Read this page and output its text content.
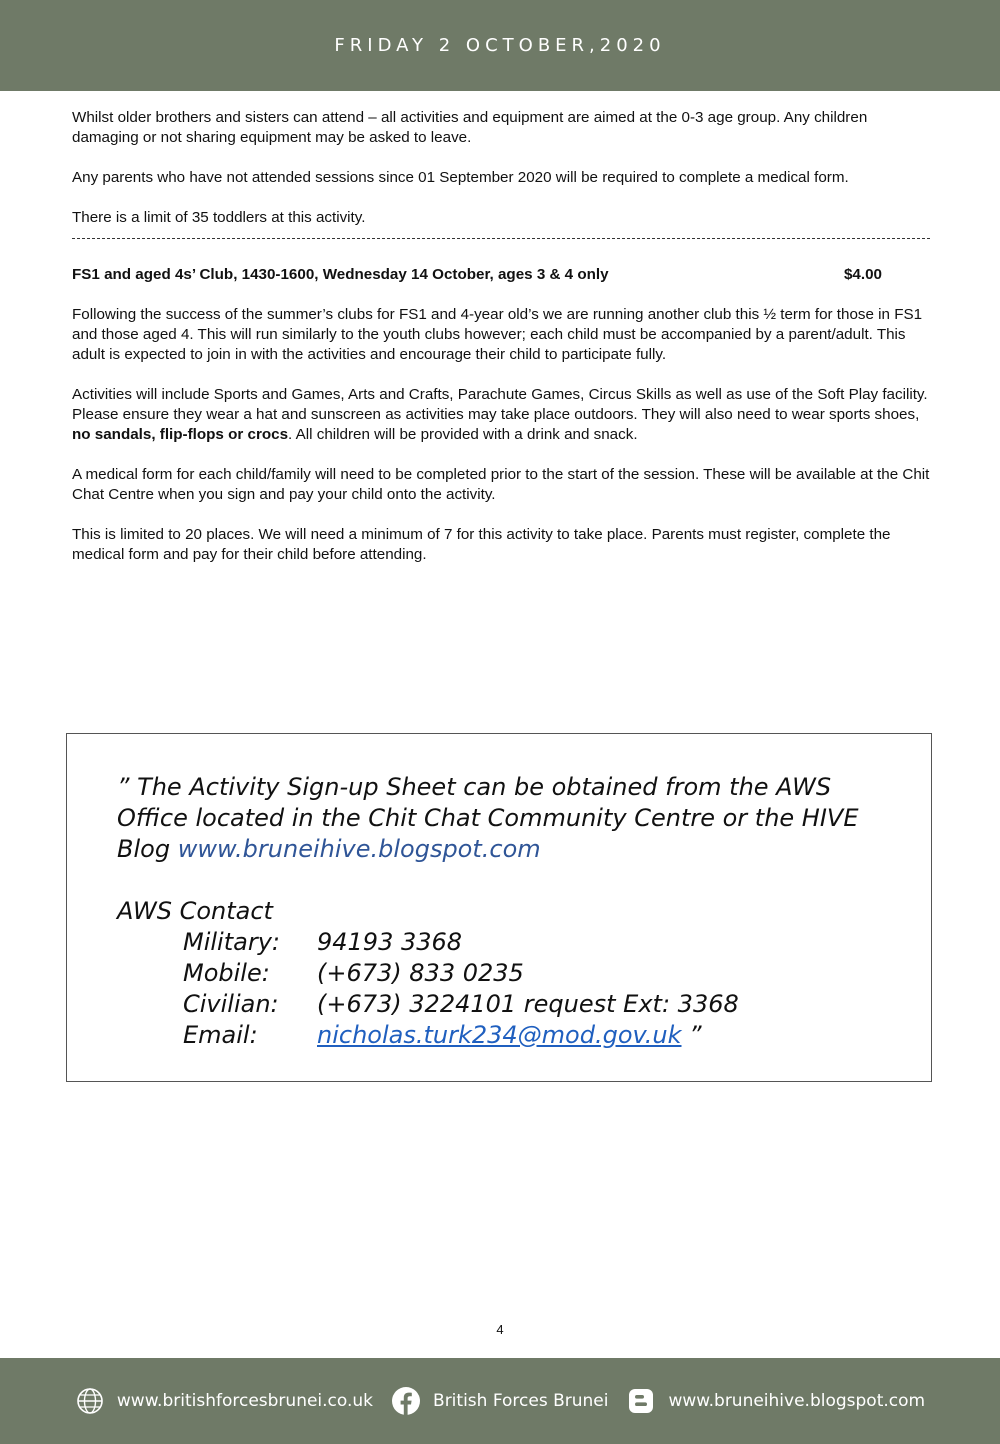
FRIDAY 2 OCTOBER,2020

Whilst older brothers and sisters can attend – all activities and equipment are aimed at the 0-3 age group. Any children damaging or not sharing equipment may be asked to leave.

Any parents who have not attended sessions since 01 September 2020 will be required to complete a medical form.

There is a limit of 35 toddlers at this activity.

FS1 and aged 4s’ Club, 1430-1600, Wednesday 14 October, ages 3 & 4 only	$4.00

Following the success of the summer’s clubs for FS1 and 4-year old’s we are running another club this ½ term for those in FS1 and those aged 4. This will run similarly to the youth clubs however; each child must be accompanied by a parent/adult. This adult is expected to join in with the activities and encourage their child to participate fully.

Activities will include Sports and Games, Arts and Crafts, Parachute Games, Circus Skills as well as use of the Soft Play facility. Please ensure they wear a hat and sunscreen as activities may take place outdoors. They will also need to wear sports shoes, no sandals, flip-flops or crocs. All children will be provided with a drink and snack.

A medical form for each child/family will need to be completed prior to the start of the session. These will be available at the Chit Chat Centre when you sign and pay your child onto the activity.

This is limited to 20 places. We will need a minimum of 7 for this activity to take place. Parents must register, complete the medical form and pay for their child before attending.

” The Activity Sign-up Sheet can be obtained from the AWS Office located in the Chit Chat Community Centre or the HIVE Blog www.bruneihive.blogspot.com

AWS Contact
Military:	94193 3368
Mobile:	(+673) 833 0235
Civilian:	(+673) 3224101 request Ext: 3368
Email:	nicholas.turk234@mod.gov.uk ”
4
www.britishforcesbrunei.co.uk	British Forces Brunei	www.bruneihive.blogspot.com
